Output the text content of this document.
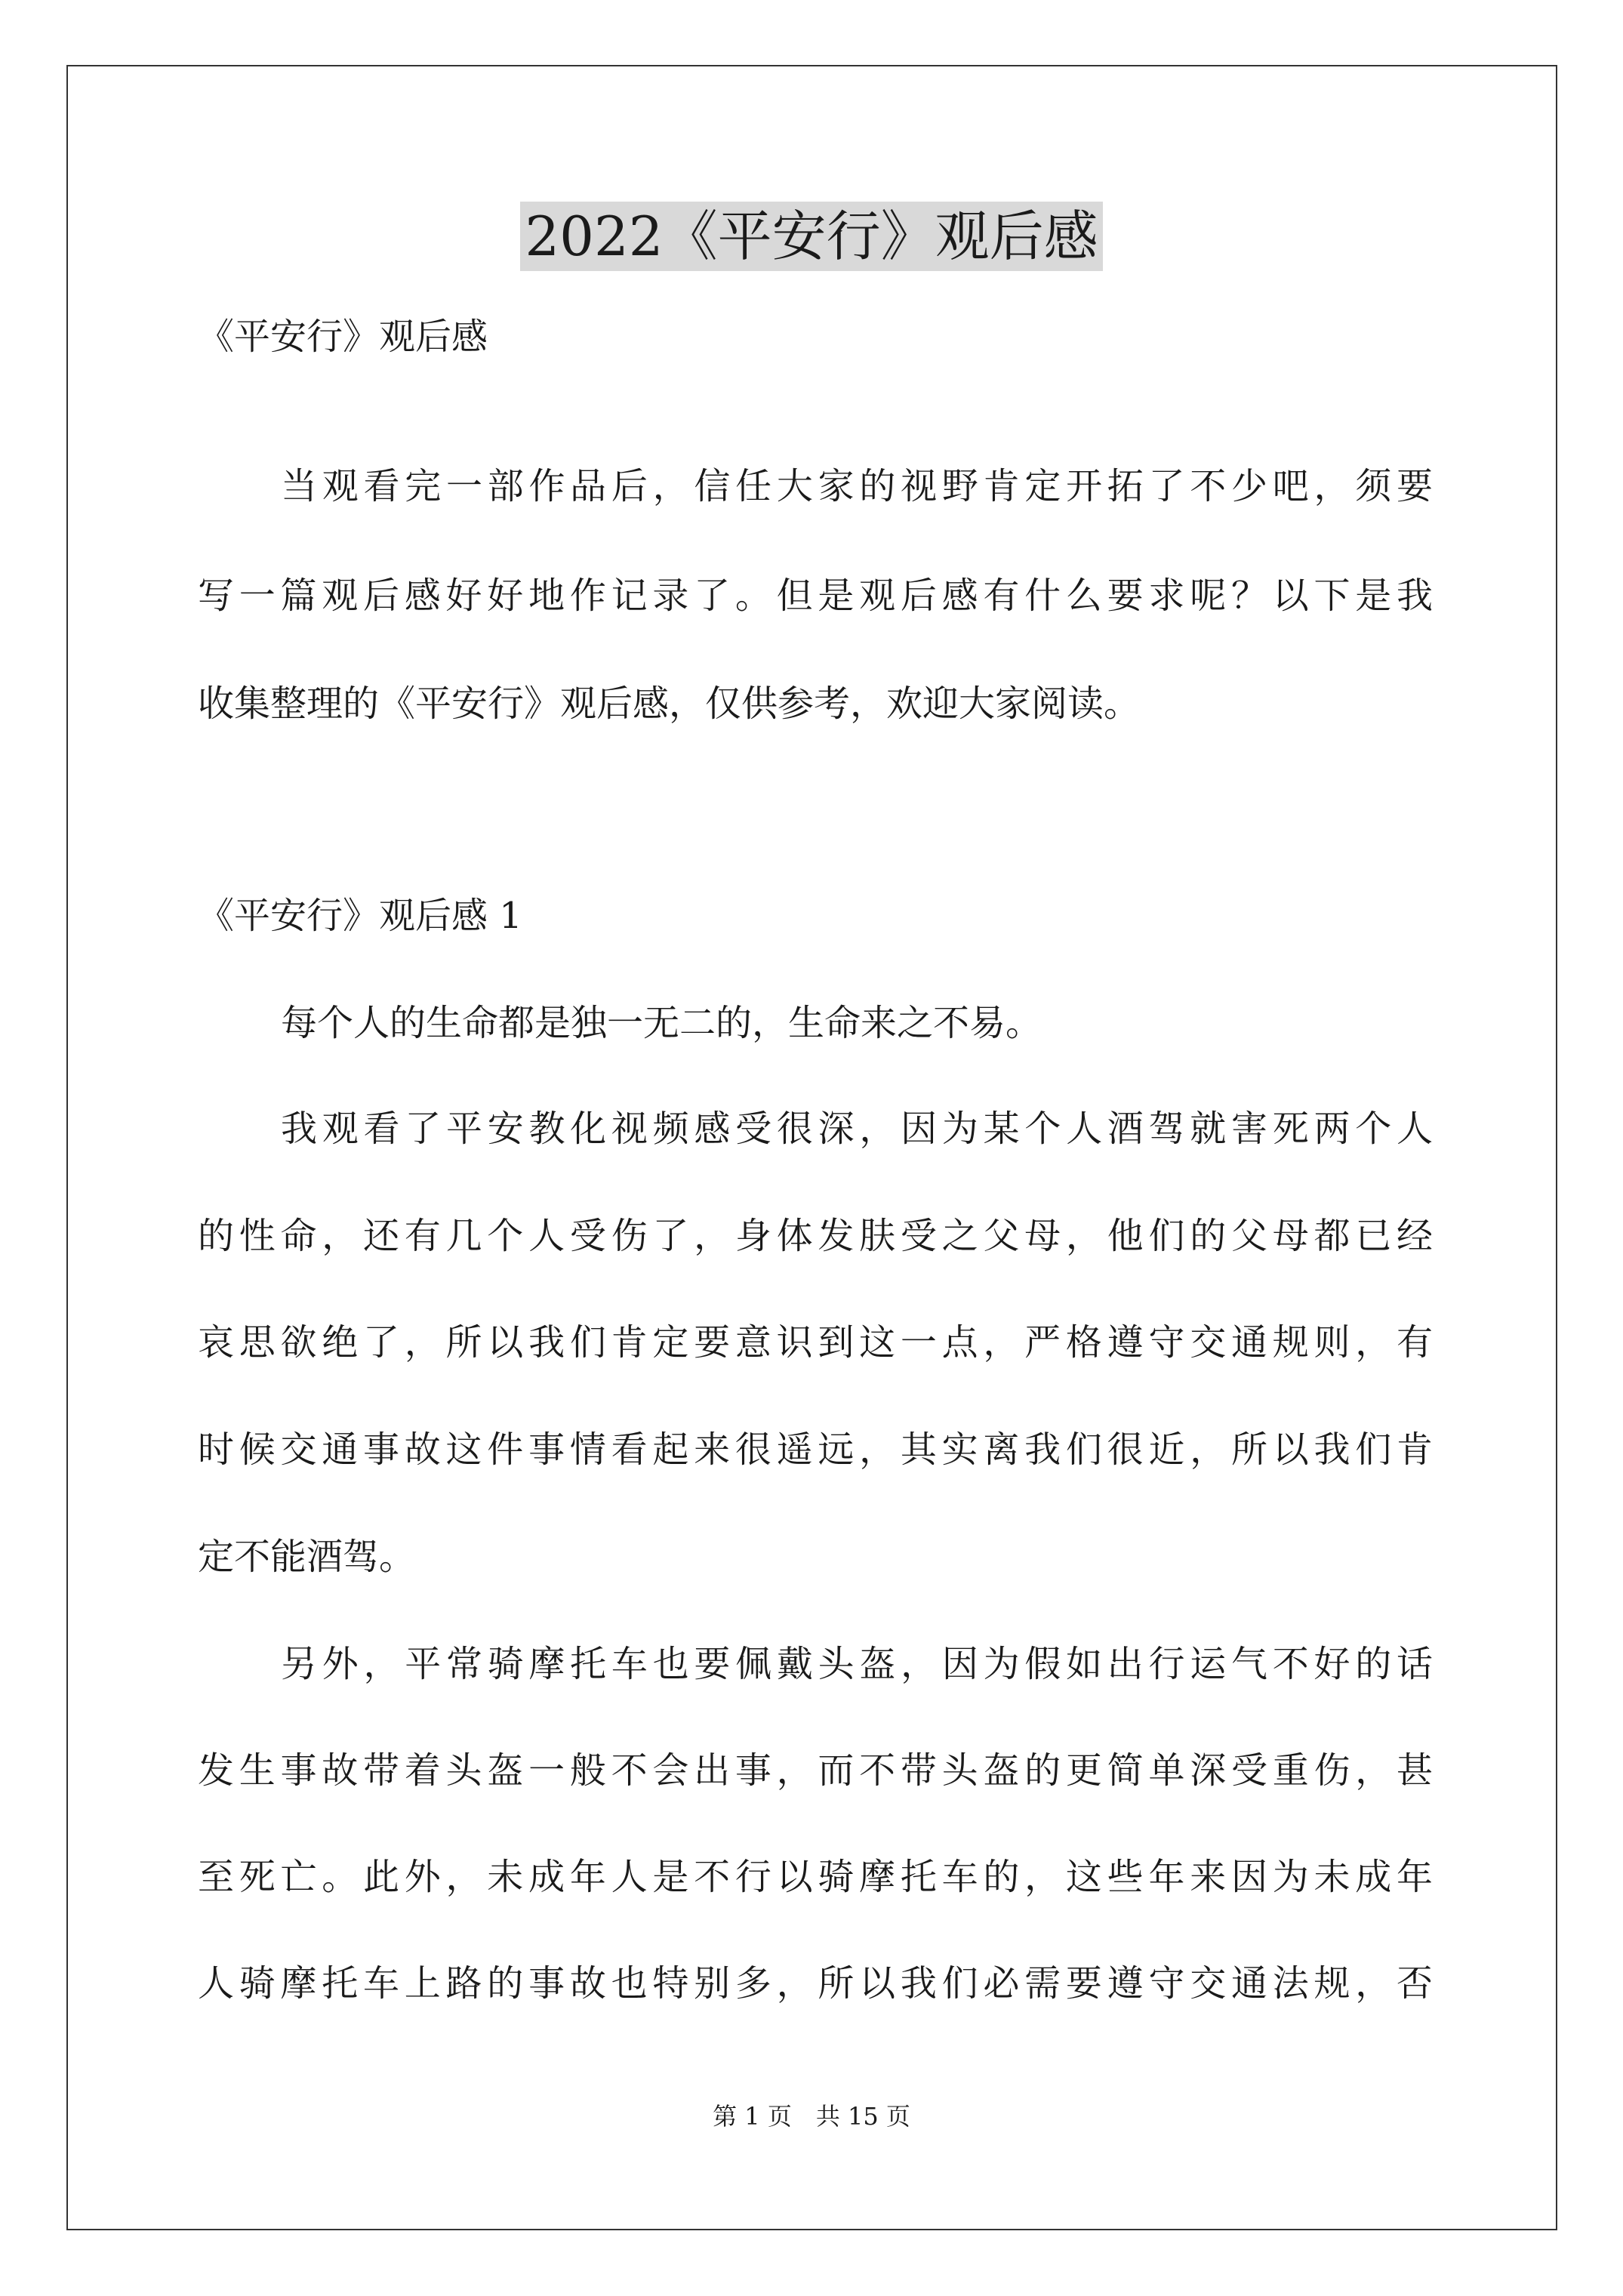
2022《平安行》观后感

《平安行》观后感

当观看完一部作品后，信任大家的视野肯定开拓了不少吧，须要

写一篇观后感好好地作记录了。但是观后感有什么要求呢？以下是我

收集整理的《平安行》观后感，仅供参考，欢迎大家阅读。

《平安行》观后感 1

每个人的生命都是独一无二的，生命来之不易。

我观看了平安教化视频感受很深，因为某个人酒驾就害死两个人

的性命，还有几个人受伤了，身体发肤受之父母，他们的父母都已经

哀思欲绝了，所以我们肯定要意识到这一点，严格遵守交通规则，有

时候交通事故这件事情看起来很遥远，其实离我们很近，所以我们肯

定不能酒驾。

另外，平常骑摩托车也要佩戴头盔，因为假如出行运气不好的话

发生事故带着头盔一般不会出事，而不带头盔的更简单深受重伤，甚

至死亡。此外，未成年人是不行以骑摩托车的，这些年来因为未成年

人骑摩托车上路的事故也特别多，所以我们必需要遵守交通法规，否

第 1 页　共 15 页
